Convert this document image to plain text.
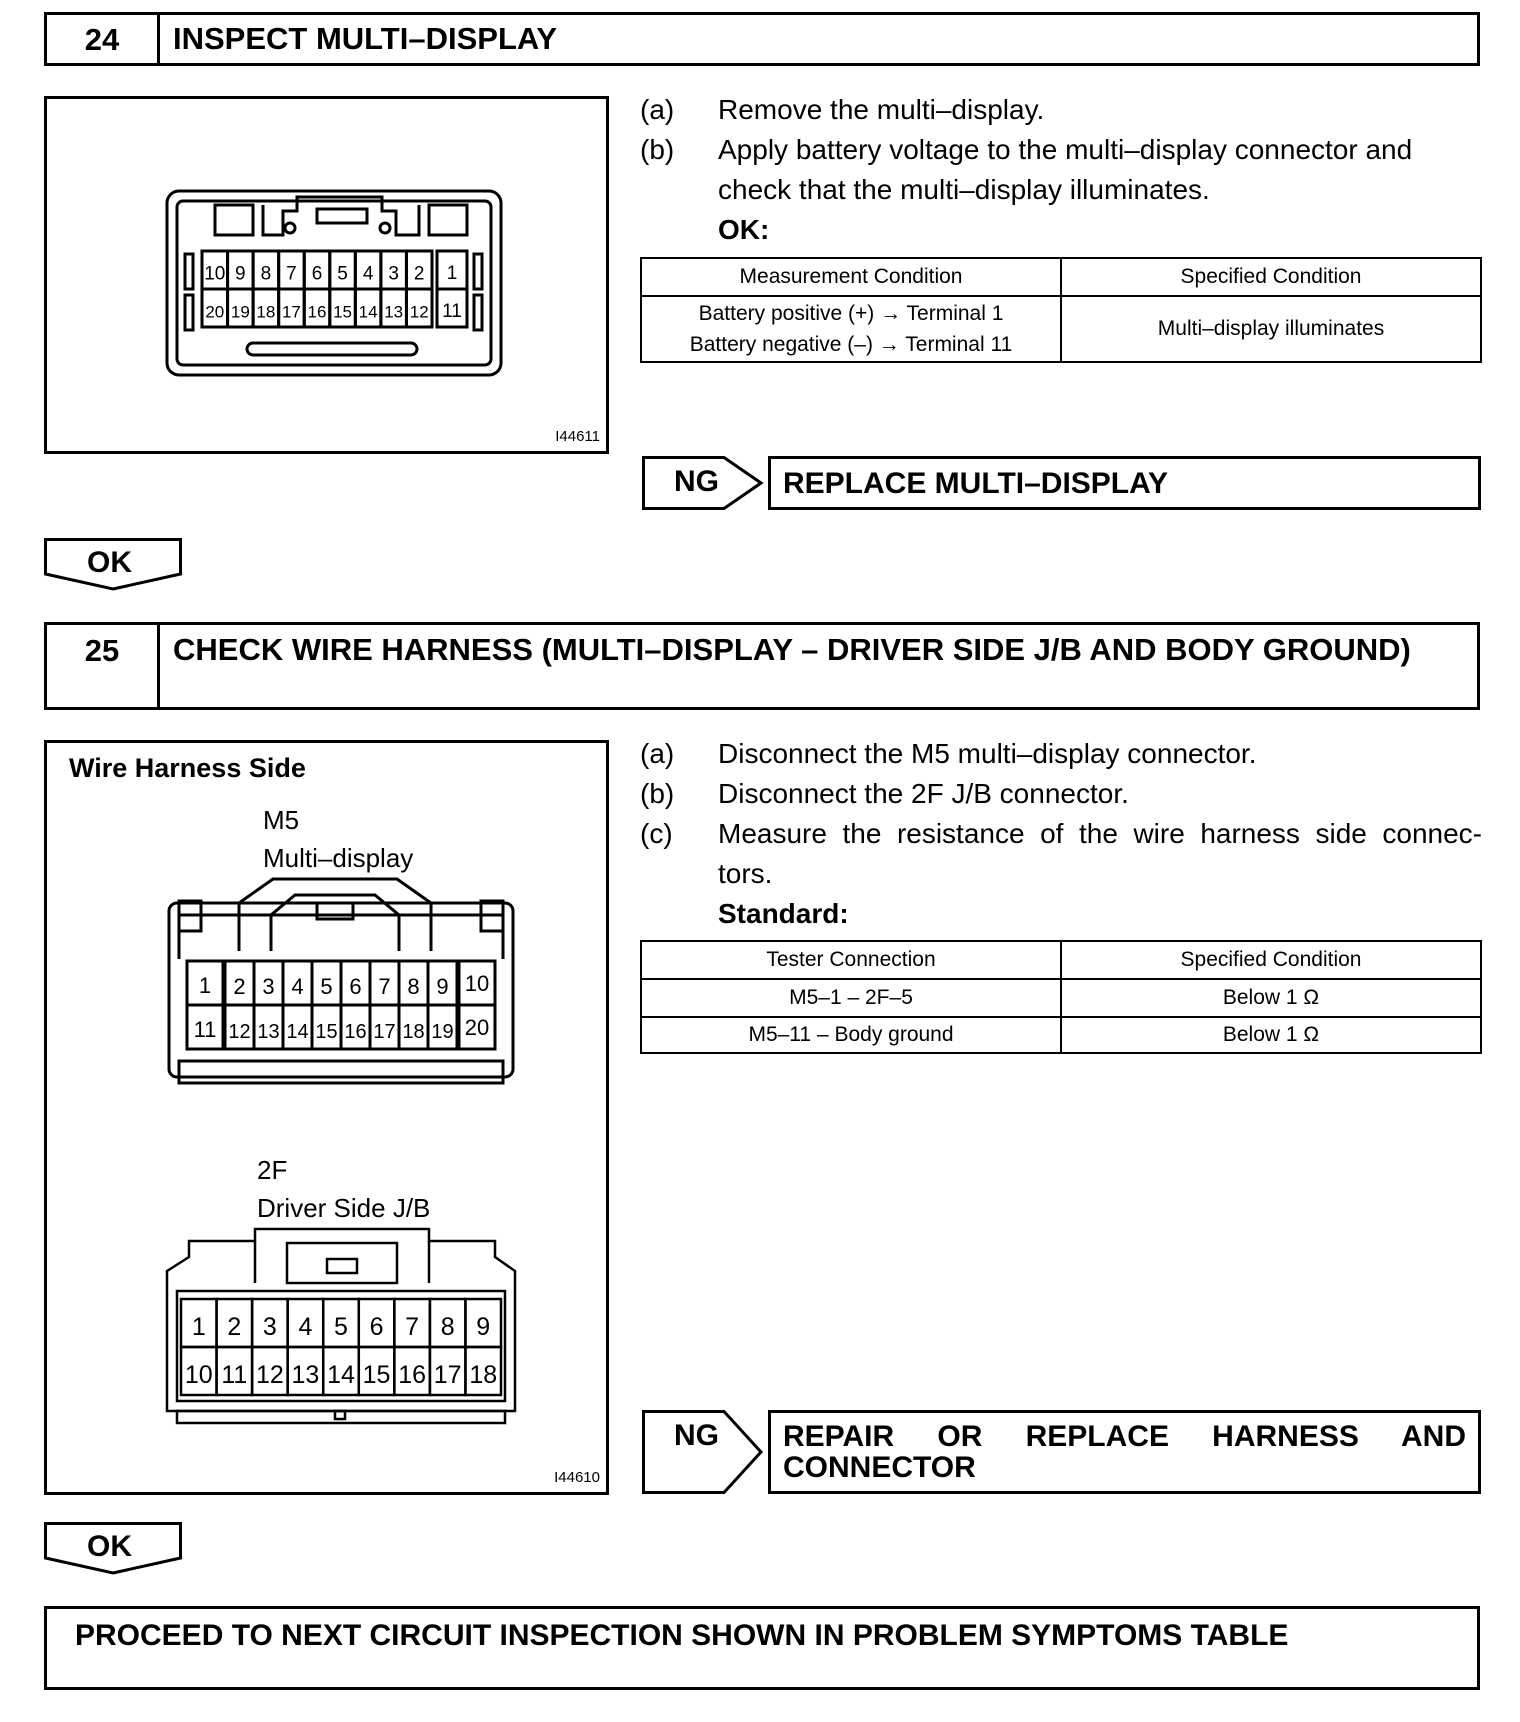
24	INSPECT MULTI–DISPLAY
10 9 8 7 6 5 4 3 2
20 19 18 17 16 15 14 13 12
1
11
I44611
(a) Remove the multi–display.
(b) Apply battery voltage to the multi–display connector and check that the multi–display illuminates.
OK:
Measurement Condition	Specified Condition

Battery positive (+) → Terminal 1
Battery negative (–) → Terminal 11	Multi–display illuminates
NG	REPLACE MULTI–DISPLAY
OK
25	CHECK WIRE HARNESS (MULTI–DISPLAY – DRIVER SIDE J/B AND BODY GROUND)
Wire Harness Side
M5
Multi–display
2F
Driver Side J/B
1
11
2 3 4 5 6 7 8 9
12 13 14 15 16 17 18 19
10
20
1 2 3 4 5 6 7 8 9
10 11 12 13 14 15 16 17 18
I44610
(a) Disconnect the M5 multi–display connector.
(b) Disconnect the 2F J/B connector.
(c) Measure the resistance of the wire harness side connec- tors.
Standard:
Tester Connection	Specified Condition
M5–1 – 2F–5	Below 1 Ω
M5–11 – Body ground	Below 1 Ω
NG	REPAIR OR REPLACE HARNESS AND CONNECTOR
OK
PROCEED TO NEXT CIRCUIT INSPECTION SHOWN IN PROBLEM SYMPTOMS TABLE
